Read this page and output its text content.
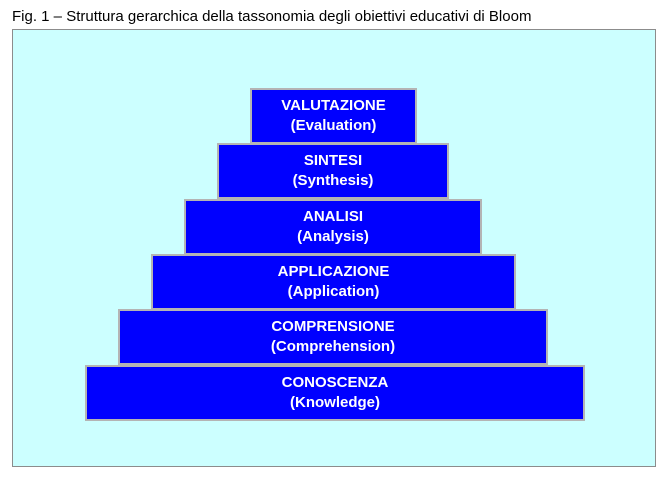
Fig. 1 – Struttura gerarchica della tassonomia degli obiettivi educativi di Bloom
VALUTAZIONE
(Evaluation)
SINTESI
(Synthesis)
ANALISI
(Analysis)
APPLICAZIONE
(Application)
COMPRENSIONE
(Comprehension)
CONOSCENZA
(Knowledge)
